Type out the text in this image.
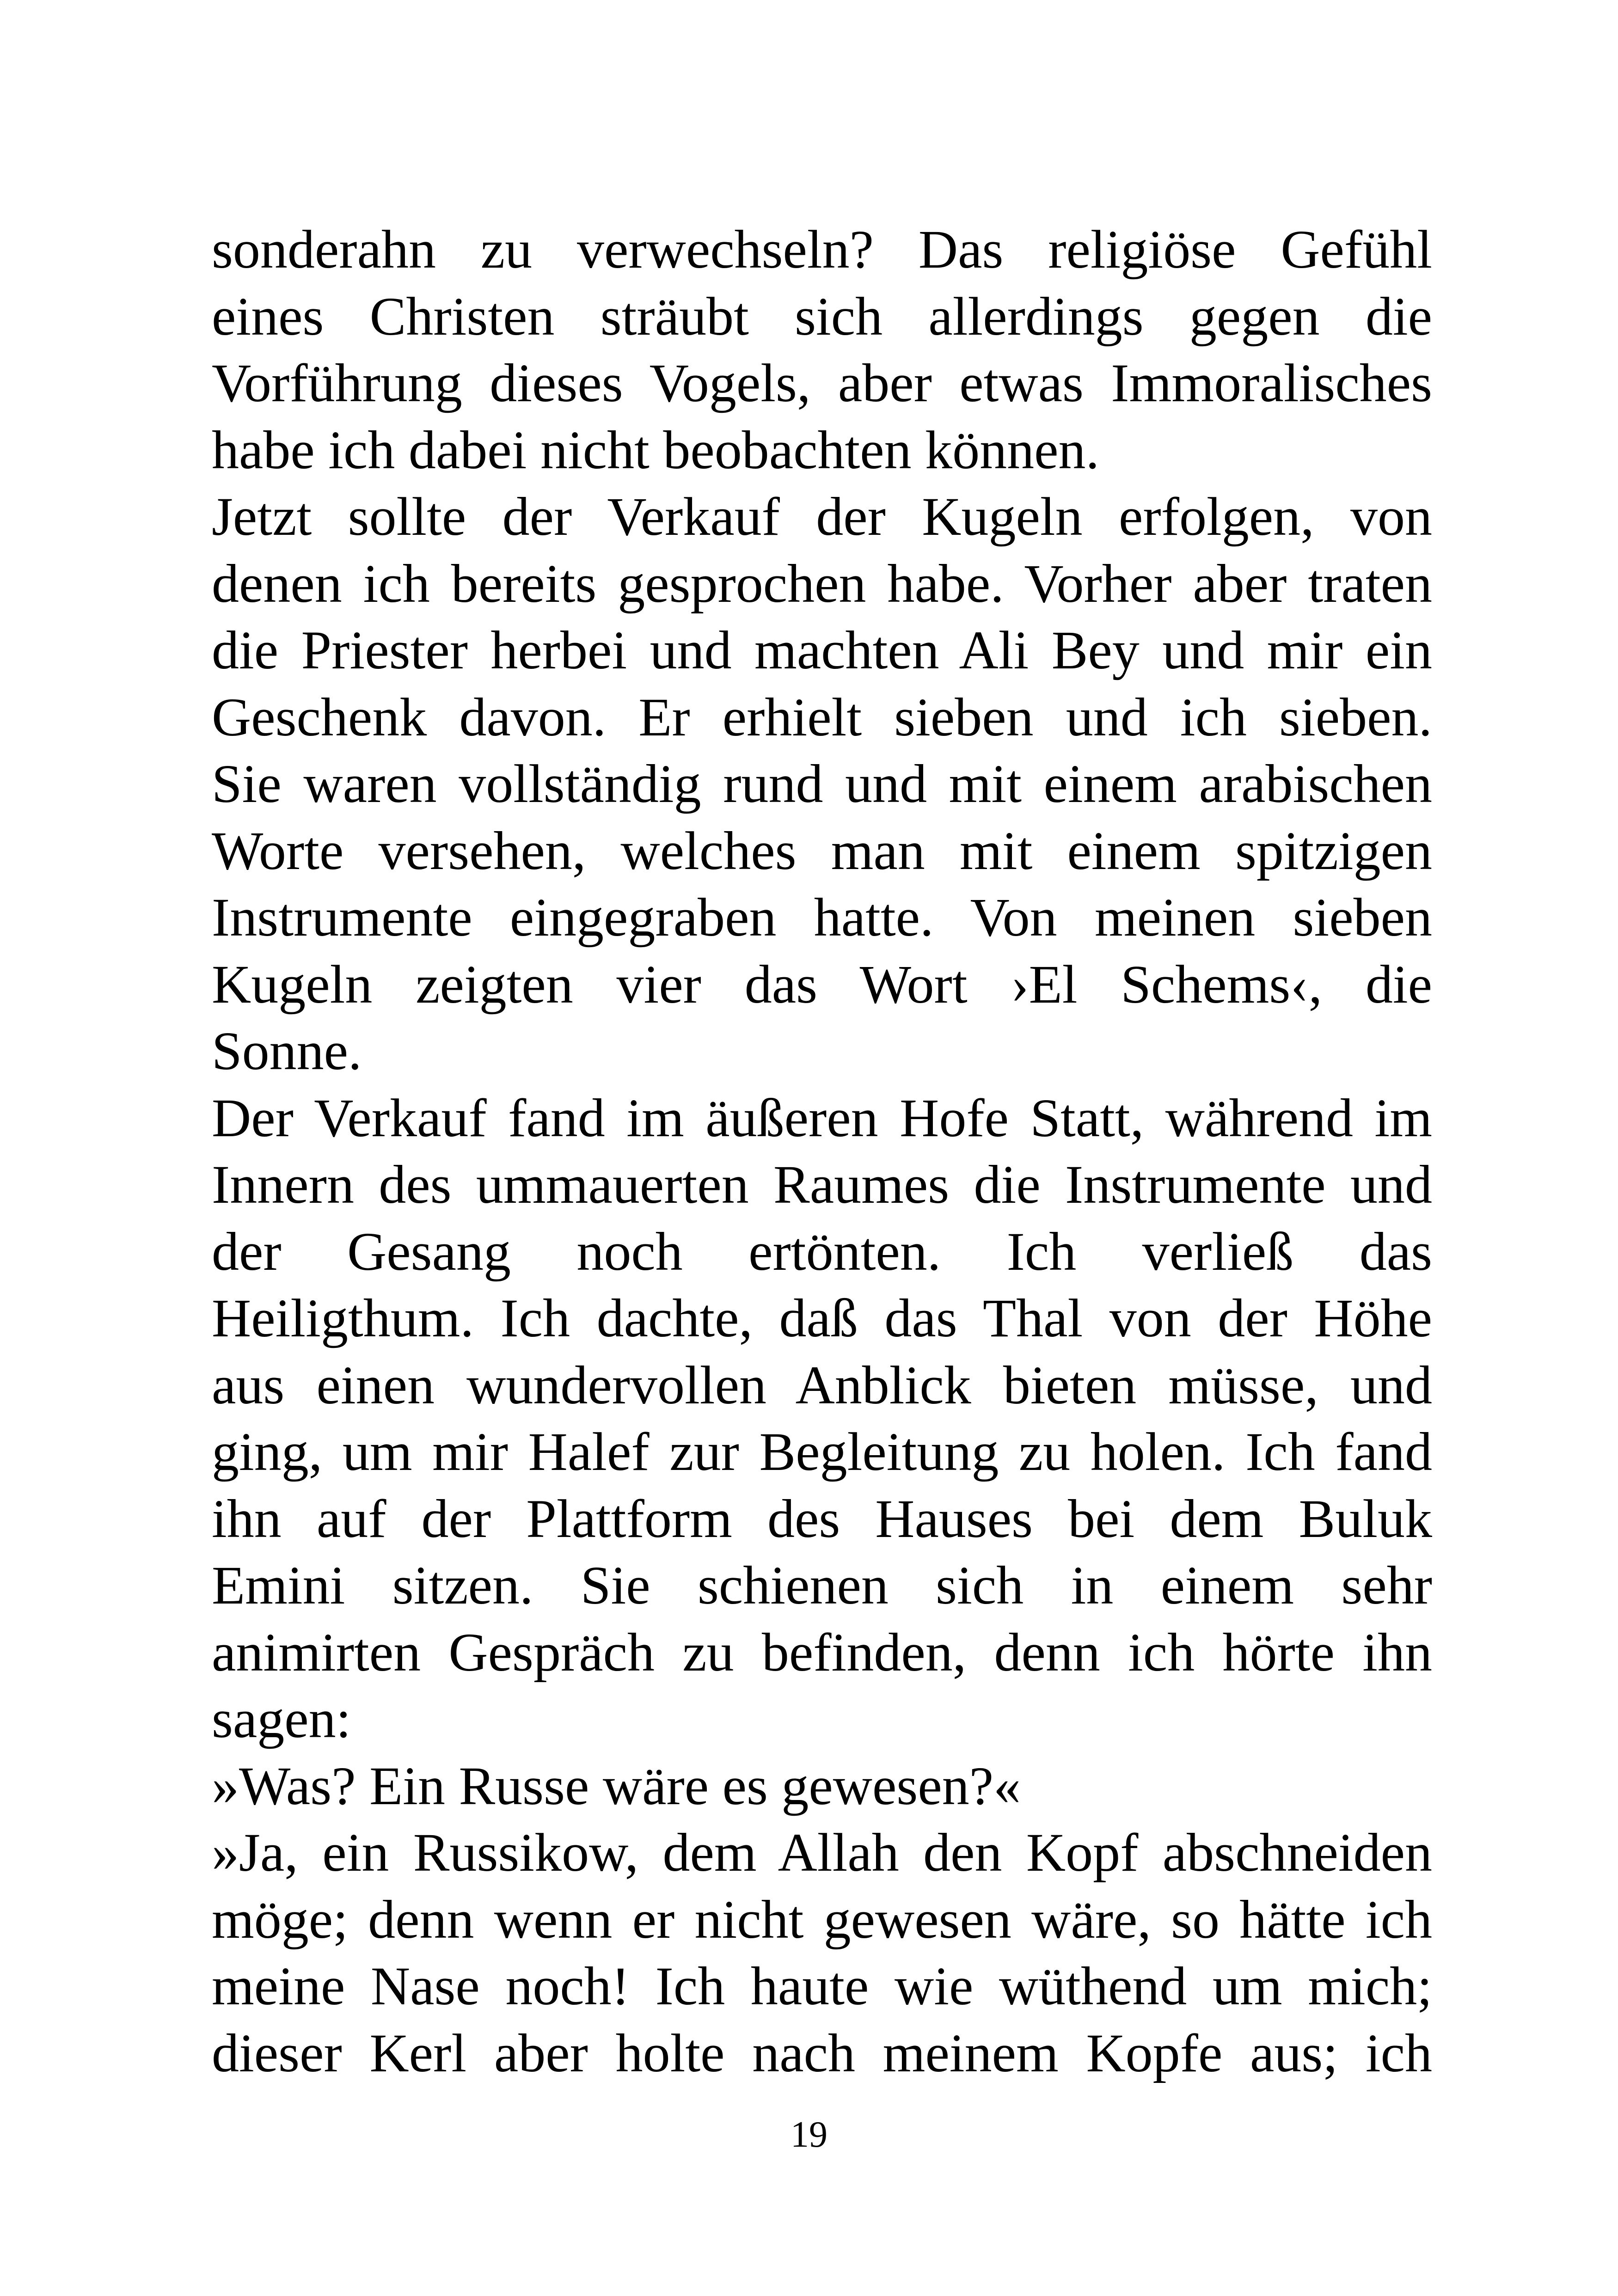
sonderahn zu verwechseln? Das religiöse Gefühl
eines Christen sträubt sich allerdings gegen die
Vorführung dieses Vogels, aber etwas Immoralisches
habe ich dabei nicht beobachten können.
Jetzt sollte der Verkauf der Kugeln erfolgen, von
denen ich bereits gesprochen habe. Vorher aber traten
die Priester herbei und machten Ali Bey und mir ein
Geschenk davon. Er erhielt sieben und ich sieben.
Sie waren vollständig rund und mit einem arabischen
Worte versehen, welches man mit einem spitzigen
Instrumente eingegraben hatte. Von meinen sieben
Kugeln zeigten vier das Wort ›El Schems‹, die
Sonne.
Der Verkauf fand im äußeren Hofe Statt, während im
Innern des ummauerten Raumes die Instrumente und
der Gesang noch ertönten. Ich verließ das
Heiligthum. Ich dachte, daß das Thal von der Höhe
aus einen wundervollen Anblick bieten müsse, und
ging, um mir Halef zur Begleitung zu holen. Ich fand
ihn auf der Plattform des Hauses bei dem Buluk
Emini sitzen. Sie schienen sich in einem sehr
animirten Gespräch zu befinden, denn ich hörte ihn
sagen:
»Was? Ein Russe wäre es gewesen?«
»Ja, ein Russikow, dem Allah den Kopf abschneiden
möge; denn wenn er nicht gewesen wäre, so hätte ich
meine Nase noch! Ich haute wie wüthend um mich;
dieser Kerl aber holte nach meinem Kopfe aus; ich
19
